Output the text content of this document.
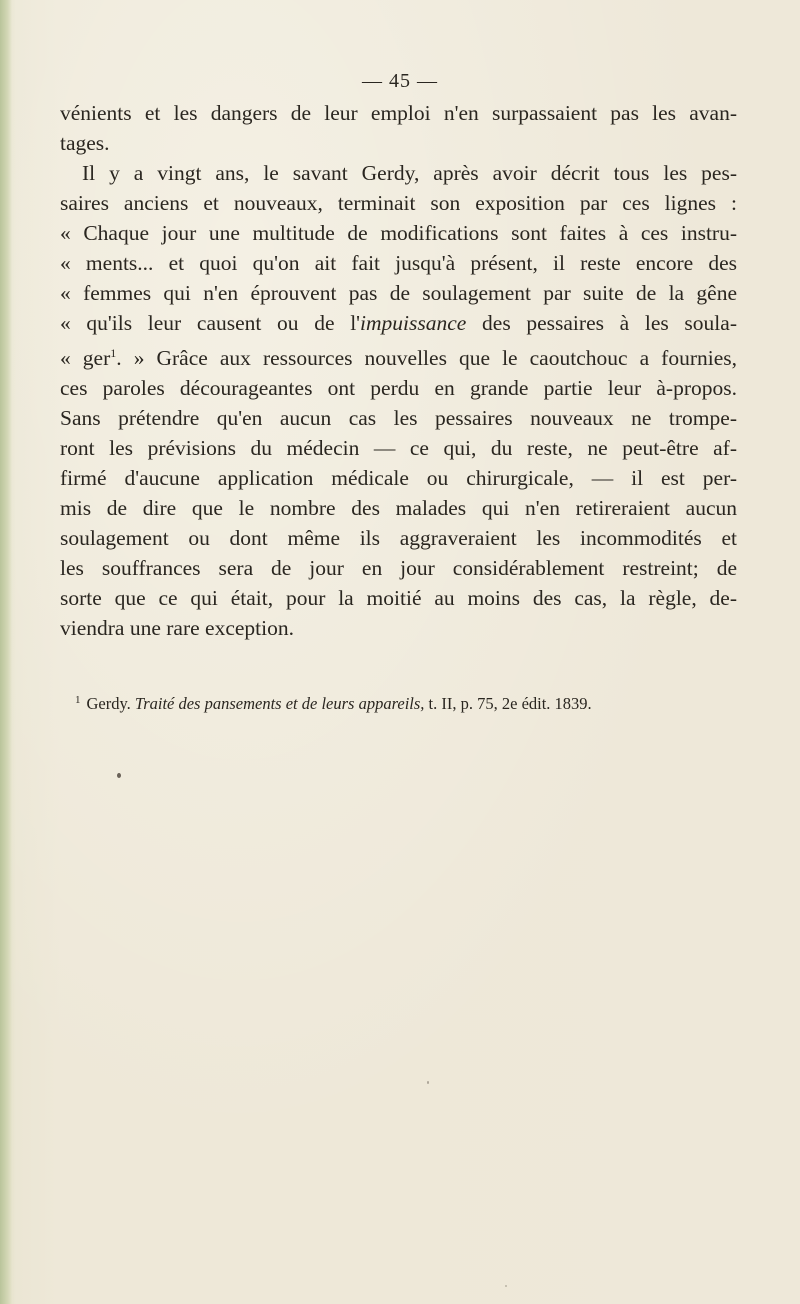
— 45 —
vénients et les dangers de leur emploi n'en surpassaient pas les avan-
tages.
Il y a vingt ans, le savant Gerdy, après avoir décrit tous les pes-
saires anciens et nouveaux, terminait son exposition par ces lignes :
« Chaque jour une multitude de modifications sont faites à ces instru-
« ments... et quoi qu'on ait fait jusqu'à présent, il reste encore des
« femmes qui n'en éprouvent pas de soulagement par suite de la gêne
« qu'ils leur causent ou de l'impuissance des pessaires à les soula-
« ger$^1$. » Grâce aux ressources nouvelles que le caoutchouc a fournies,
ces paroles décourageantes ont perdu en grande partie leur à-propos.
Sans prétendre qu'en aucun cas les pessaires nouveaux ne trompe-
ront les prévisions du médecin — ce qui, du reste, ne peut-être af-
firmé d'aucune application médicale ou chirurgicale, — il est per-
mis de dire que le nombre des malades qui n'en retireraient aucun
soulagement ou dont même ils aggraveraient les incommodités et
les souffrances sera de jour en jour considérablement restreint; de
sorte que ce qui était, pour la moitié au moins des cas, la règle, de-
viendra une rare exception.
$^1$ Gerdy. Traité des pansements et de leurs appareils, t. II, p. 75, 2e édit. 1839.
